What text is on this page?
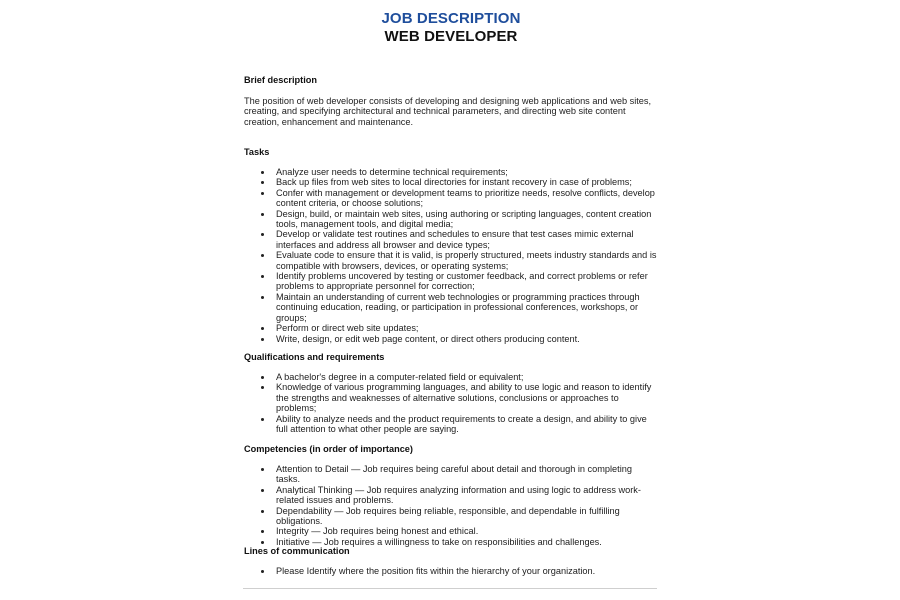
JOB DESCRIPTION
WEB DEVELOPER
Brief description

The position of web developer consists of developing and designing web applications and web sites, creating, and specifying architectural and technical parameters, and directing web site content creation, enhancement and maintenance.

Tasks
Analyze user needs to determine technical requirements;
Back up files from web sites to local directories for instant recovery in case of problems;
Confer with management or development teams to prioritize needs, resolve conflicts, develop content criteria, or choose solutions;
Design, build, or maintain web sites, using authoring or scripting languages, content creation tools, management tools, and digital media;
Develop or validate test routines and schedules to ensure that test cases mimic external interfaces and address all browser and device types;
Evaluate code to ensure that it is valid, is properly structured, meets industry standards and is compatible with browsers, devices, or operating systems;
Identify problems uncovered by testing or customer feedback, and correct problems or refer problems to appropriate personnel for correction;
Maintain an understanding of current web technologies or programming practices through continuing education, reading, or participation in professional conferences, workshops, or groups;
Perform or direct web site updates;
Write, design, or edit web page content, or direct others producing content.
Qualifications and requirements
A bachelor's degree in a computer-related field or equivalent;
Knowledge of various programming languages, and ability to use logic and reason to identify the strengths and weaknesses of alternative solutions, conclusions or approaches to problems;
Ability to analyze needs and the product requirements to create a design, and ability to give full attention to what other people are saying.
Competencies (in order of importance)
Attention to Detail — Job requires being careful about detail and thorough in completing tasks.
Analytical Thinking — Job requires analyzing information and using logic to address work-related issues and problems.
Dependability — Job requires being reliable, responsible, and dependable in fulfilling obligations.
Integrity — Job requires being honest and ethical.
Initiative — Job requires a willingness to take on responsibilities and challenges.
Lines of communication
Please Identify where the position fits within the hierarchy of your organization.
